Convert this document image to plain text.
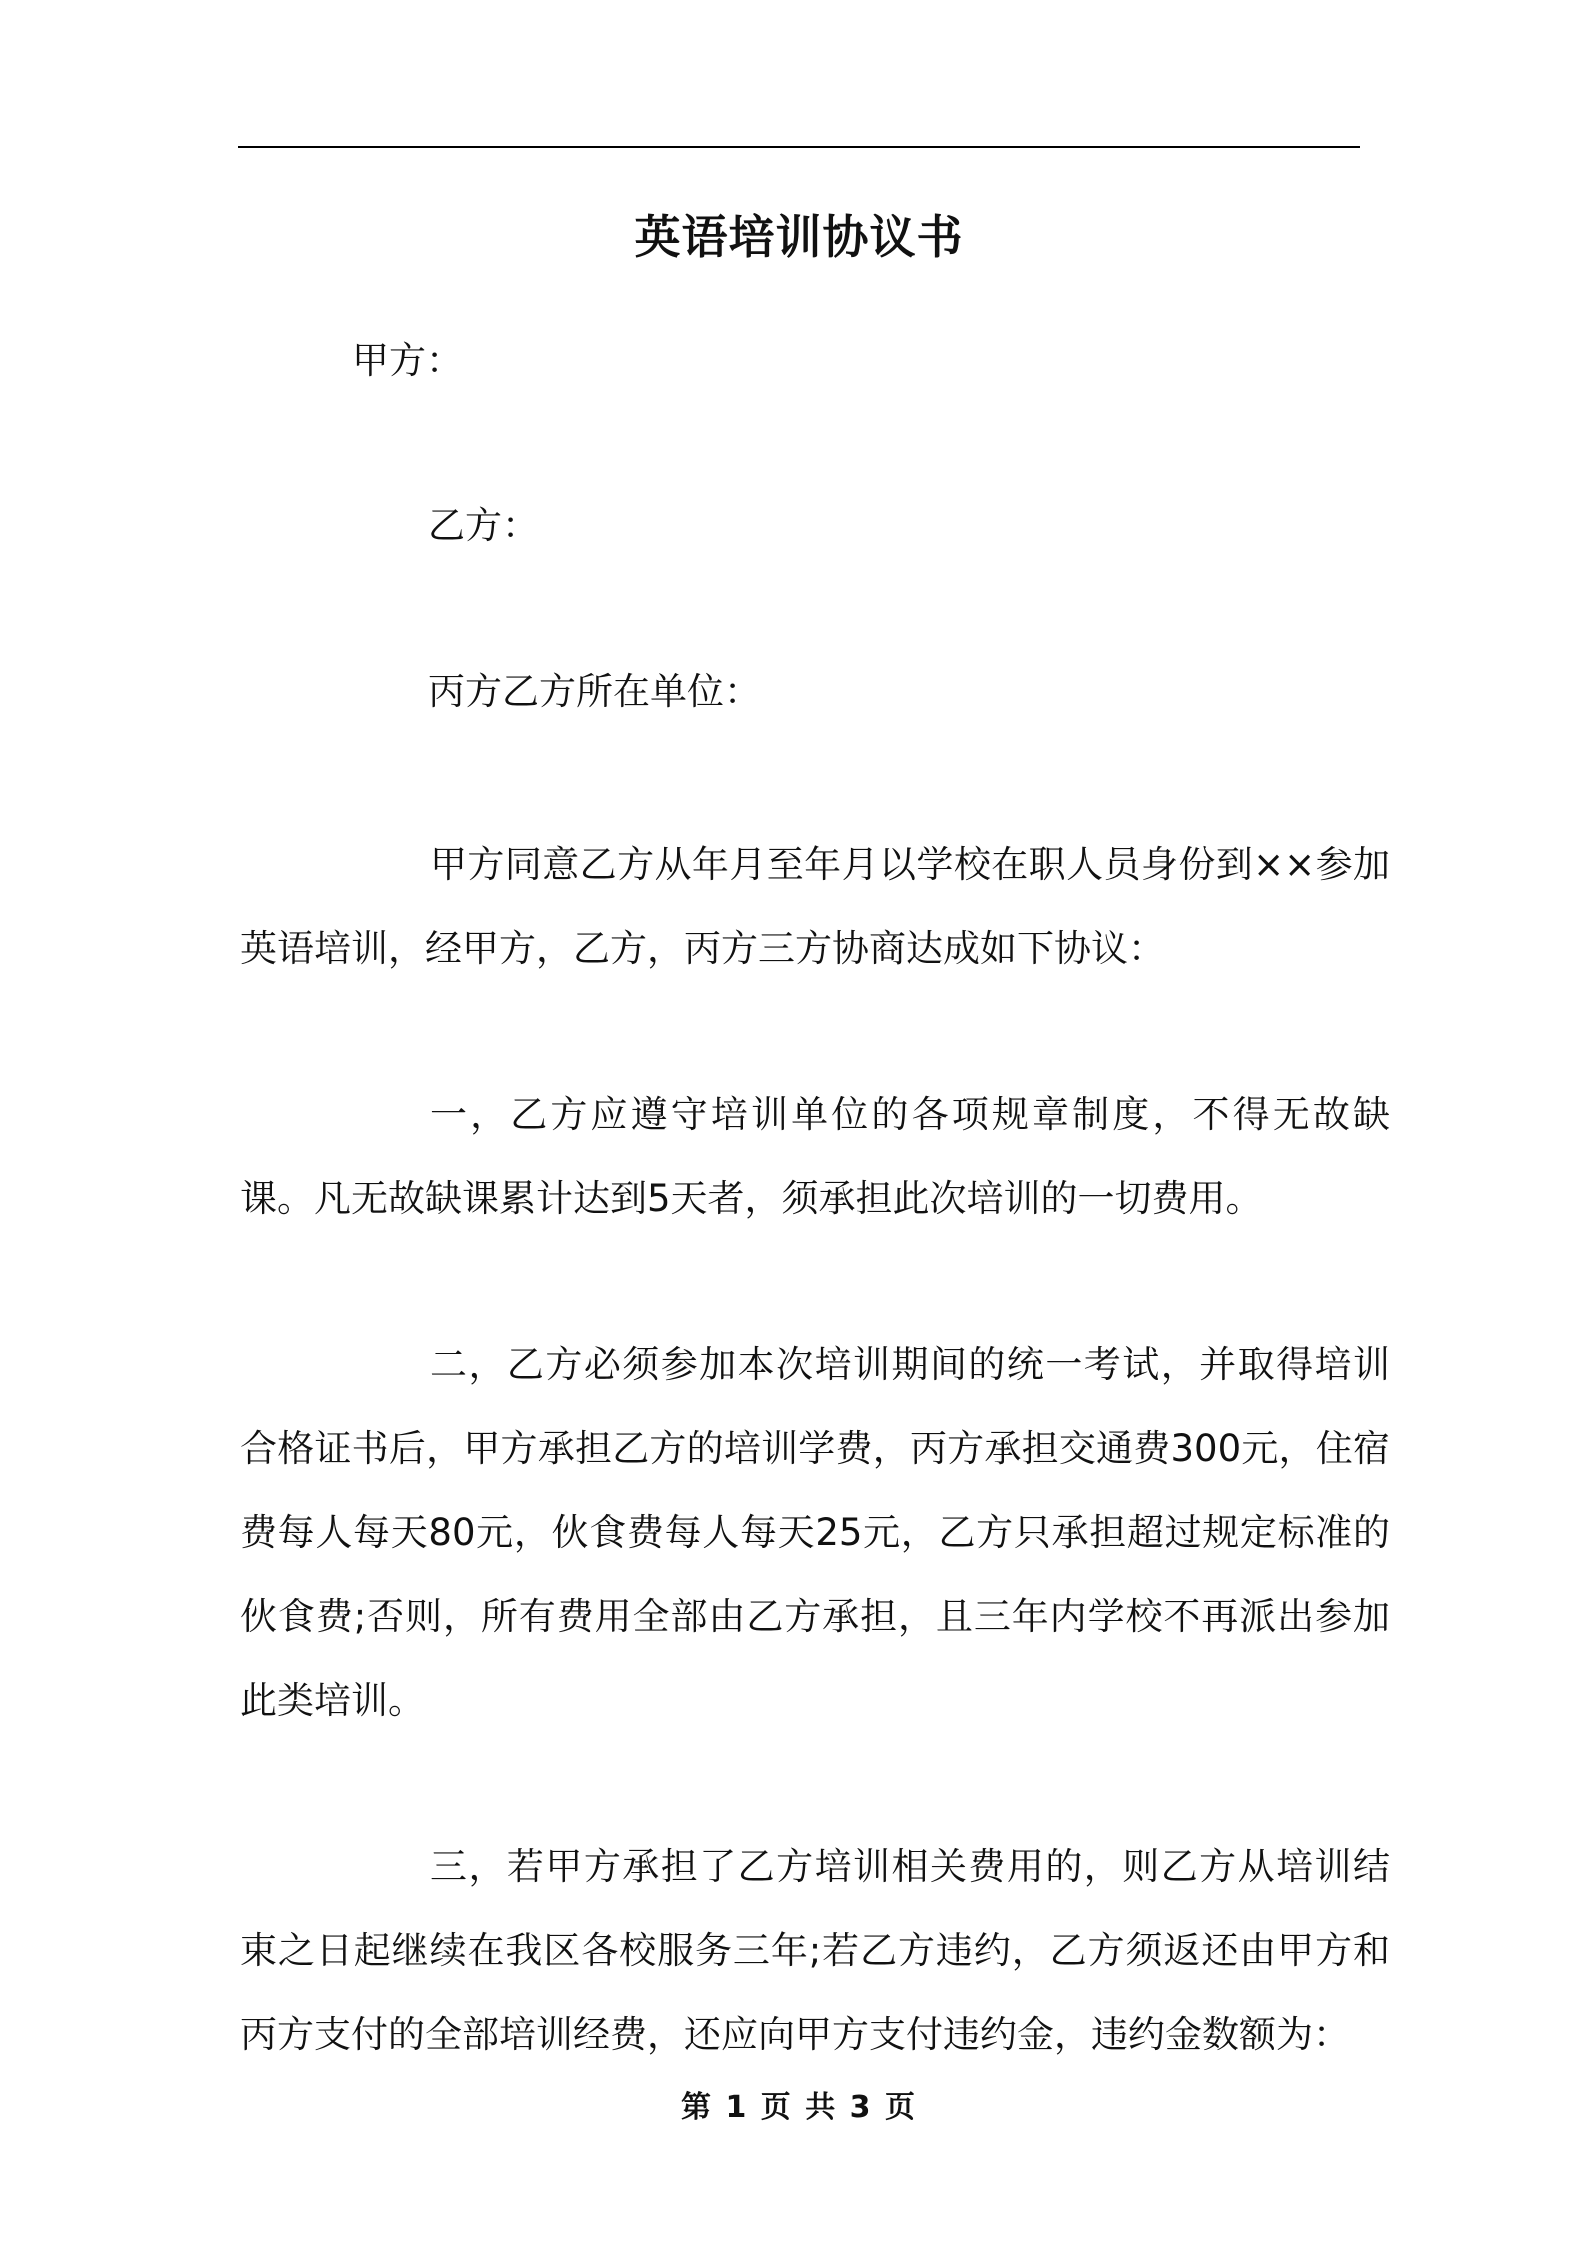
英语培训协议书
甲方：
乙方：
丙方乙方所在单位：
甲方同意乙方从年月至年月以学校在职人员身份到××参加英语培训，经甲方，乙方，丙方三方协商达成如下协议：
一，乙方应遵守培训单位的各项规章制度，不得无故缺课。凡无故缺课累计达到5天者，须承担此次培训的一切费用。
二，乙方必须参加本次培训期间的统一考试，并取得培训合格证书后，甲方承担乙方的培训学费，丙方承担交通费300元，住宿费每人每天80元，伙食费每人每天25元，乙方只承担超过规定标准的伙食费;否则，所有费用全部由乙方承担，且三年内学校不再派出参加此类培训。
三，若甲方承担了乙方培训相关费用的，则乙方从培训结束之日起继续在我区各校服务三年;若乙方违约，乙方须返还由甲方和丙方支付的全部培训经费，还应向甲方支付违约金，违约金数额为：
第 1 页 共 3 页
